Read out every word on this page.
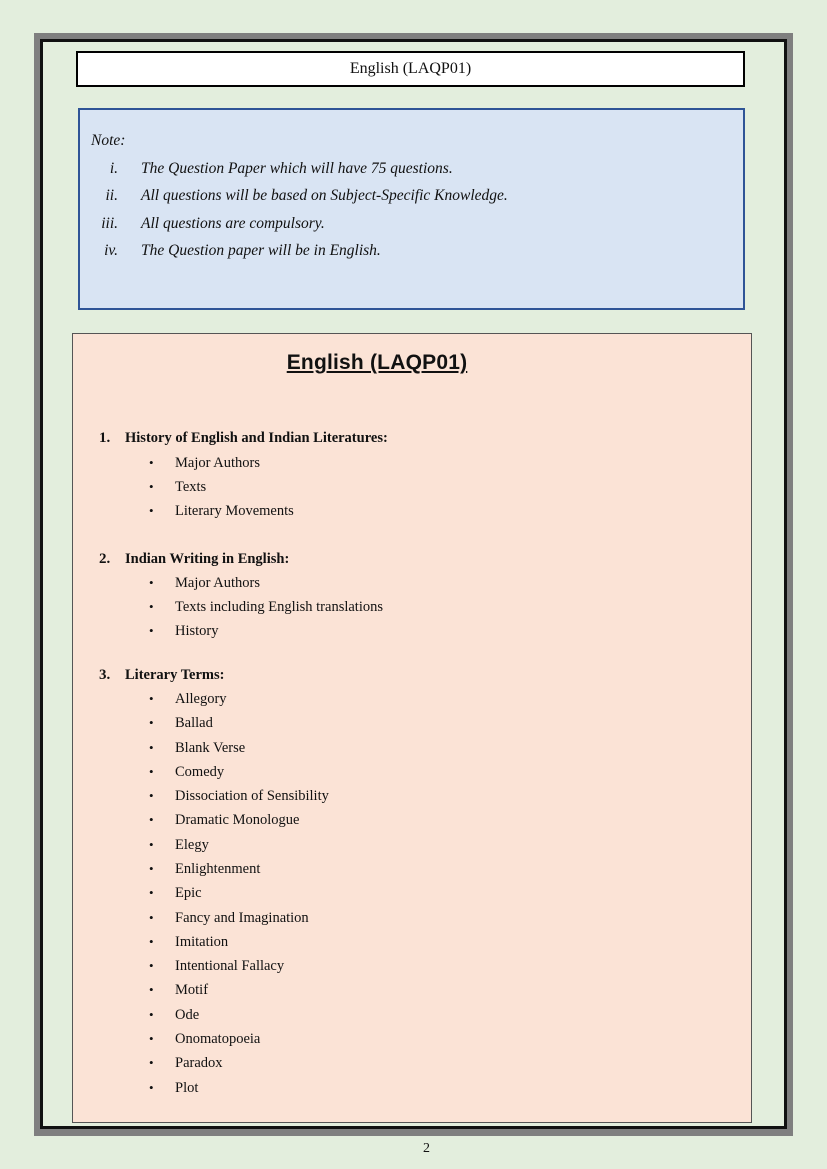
English (LAQP01)
Note:
i. The Question Paper which will have 75 questions.
ii. All questions will be based on Subject-Specific Knowledge.
iii. All questions are compulsory.
iv. The Question paper will be in English.
English (LAQP01)
1. History of English and Indian Literatures:
• Major Authors
• Texts
• Literary Movements
2. Indian Writing in English:
• Major Authors
• Texts including English translations
• History
3. Literary Terms:
• Allegory
• Ballad
• Blank Verse
• Comedy
• Dissociation of Sensibility
• Dramatic Monologue
• Elegy
• Enlightenment
• Epic
• Fancy and Imagination
• Imitation
• Intentional Fallacy
• Motif
• Ode
• Onomatopoeia
• Paradox
• Plot
2
